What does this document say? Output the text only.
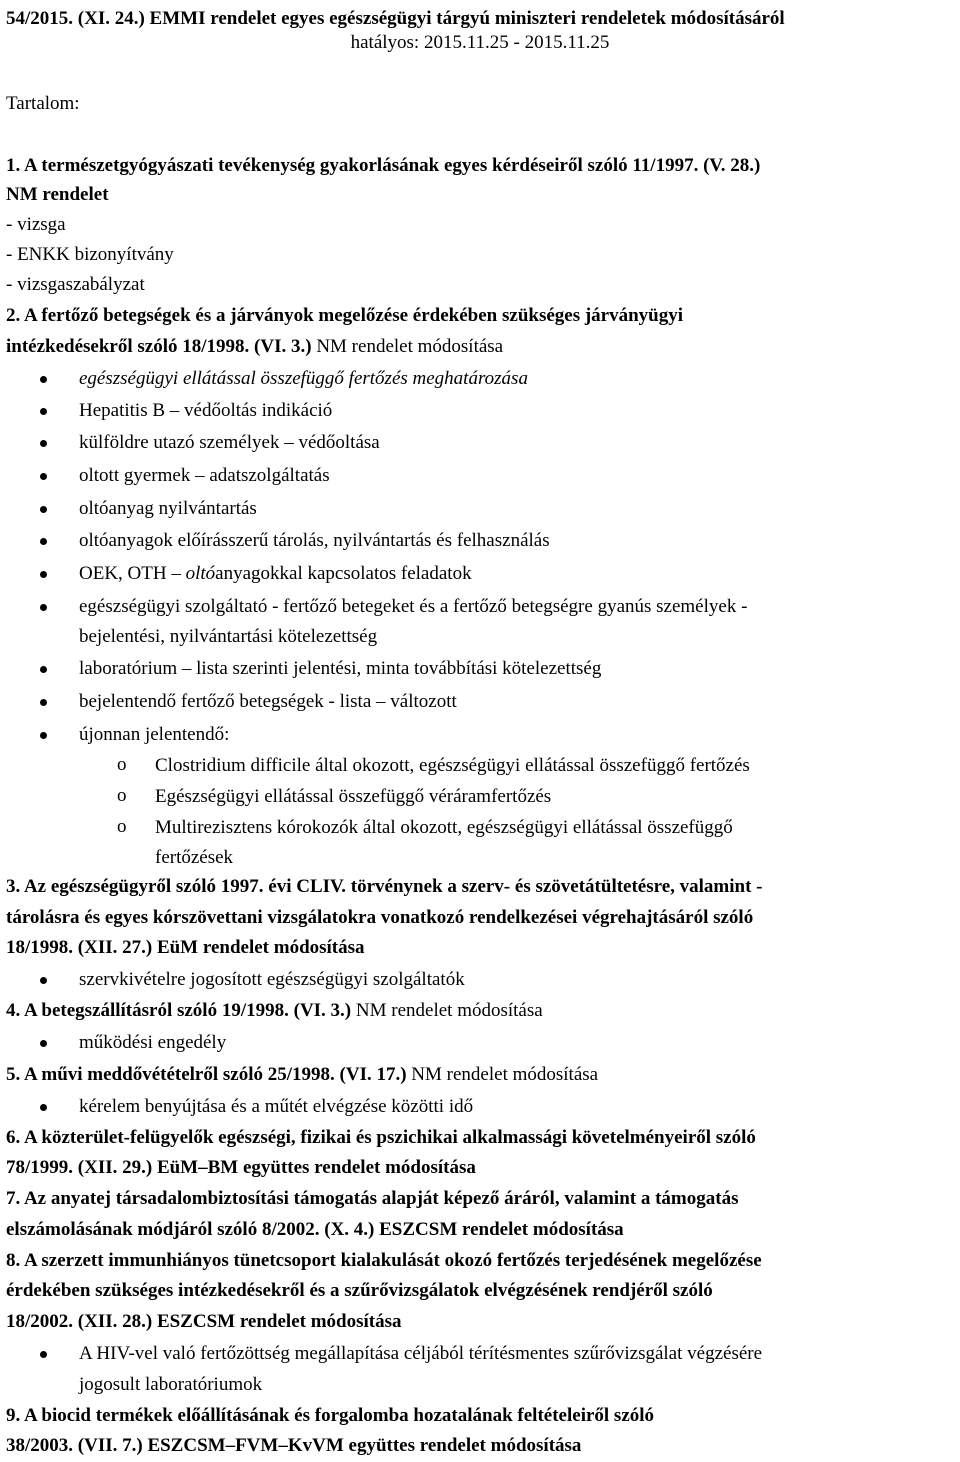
54/2015. (XI. 24.) EMMI rendelet egyes egészségügyi tárgyú miniszteri rendeletek módosításáról
hatályos: 2015.11.25 - 2015.11.25
Tartalom:
1. A természetgyógyászati tevékenység gyakorlásának egyes kérdéseiről szóló 11/1997. (V. 28.)
NM rendelet
- vizsga
- ENKK bizonyítvány
- vizsgaszabályzat
2. A fertőző betegségek és a járványok megelőzése érdekében szükséges járványügyi
intézkedésekről szóló 18/1998. (VI. 3.) NM rendelet módosítása
egészségügyi ellátással összefüggő fertőzés meghatározása
Hepatitis B – védőoltás indikáció
külföldre utazó személyek – védőoltása
oltott gyermek – adatszolgáltatás
oltóanyag nyilvántartás
oltóanyagok előírásszerű tárolás, nyilvántartás és felhasználás
OEK, OTH – oltóanyagokkal kapcsolatos feladatok
egészségügyi szolgáltató - fertőző betegeket és a fertőző betegségre gyanús személyek -
bejelentési, nyilvántartási kötelezettség
laboratórium – lista szerinti jelentési, minta továbbítási kötelezettség
bejelentendő fertőző betegségek - lista – változott
újonnan jelentendő:
o Clostridium difficile által okozott, egészségügyi ellátással összefüggő fertőzés
o Egészségügyi ellátással összefüggő véráramfertőzés
o Multirezisztens kórokozók által okozott, egészségügyi ellátással összefüggő
fertőzések
3. Az egészségügyről szóló 1997. évi CLIV. törvénynek a szerv- és szövetátültetésre, valamint -
tárolásra és egyes kórszövettani vizsgálatokra vonatkozó rendelkezései végrehajtásáról szóló
18/1998. (XII. 27.) EüM rendelet módosítása
szervkivételre jogosított egészségügyi szolgáltatók
4. A betegszállításról szóló 19/1998. (VI. 3.) NM rendelet módosítása
működési engedély
5. A művi meddővétételről szóló 25/1998. (VI. 17.) NM rendelet módosítása
kérelem benyújtása és a műtét elvégzése közötti idő
6. A közterület-felügyelők egészségi, fizikai és pszichikai alkalmassági követelményeiről szóló
78/1999. (XII. 29.) EüM–BM együttes rendelet módosítása
7. Az anyatej társadalombiztosítási támogatás alapját képező áráról, valamint a támogatás
elszámolásának módjáról szóló 8/2002. (X. 4.) ESZCSM rendelet módosítása
8. A szerzett immunhiányos tünetcsoport kialakulását okozó fertőzés terjedésének megelőzése
érdekében szükséges intézkedésekről és a szűrővizsgálatok elvégzésének rendjéről szóló
18/2002. (XII. 28.) ESZCSM rendelet módosítása
A HIV-vel való fertőzöttség megállapítása céljából térítésmentes szűrővizsgálat végzésére
jogosult laboratóriumok
9. A biocid termékek előállításának és forgalomba hozatalának feltételeiről szóló
38/2003. (VII. 7.) ESZCSM–FVM–KvVM együttes rendelet módosítása
